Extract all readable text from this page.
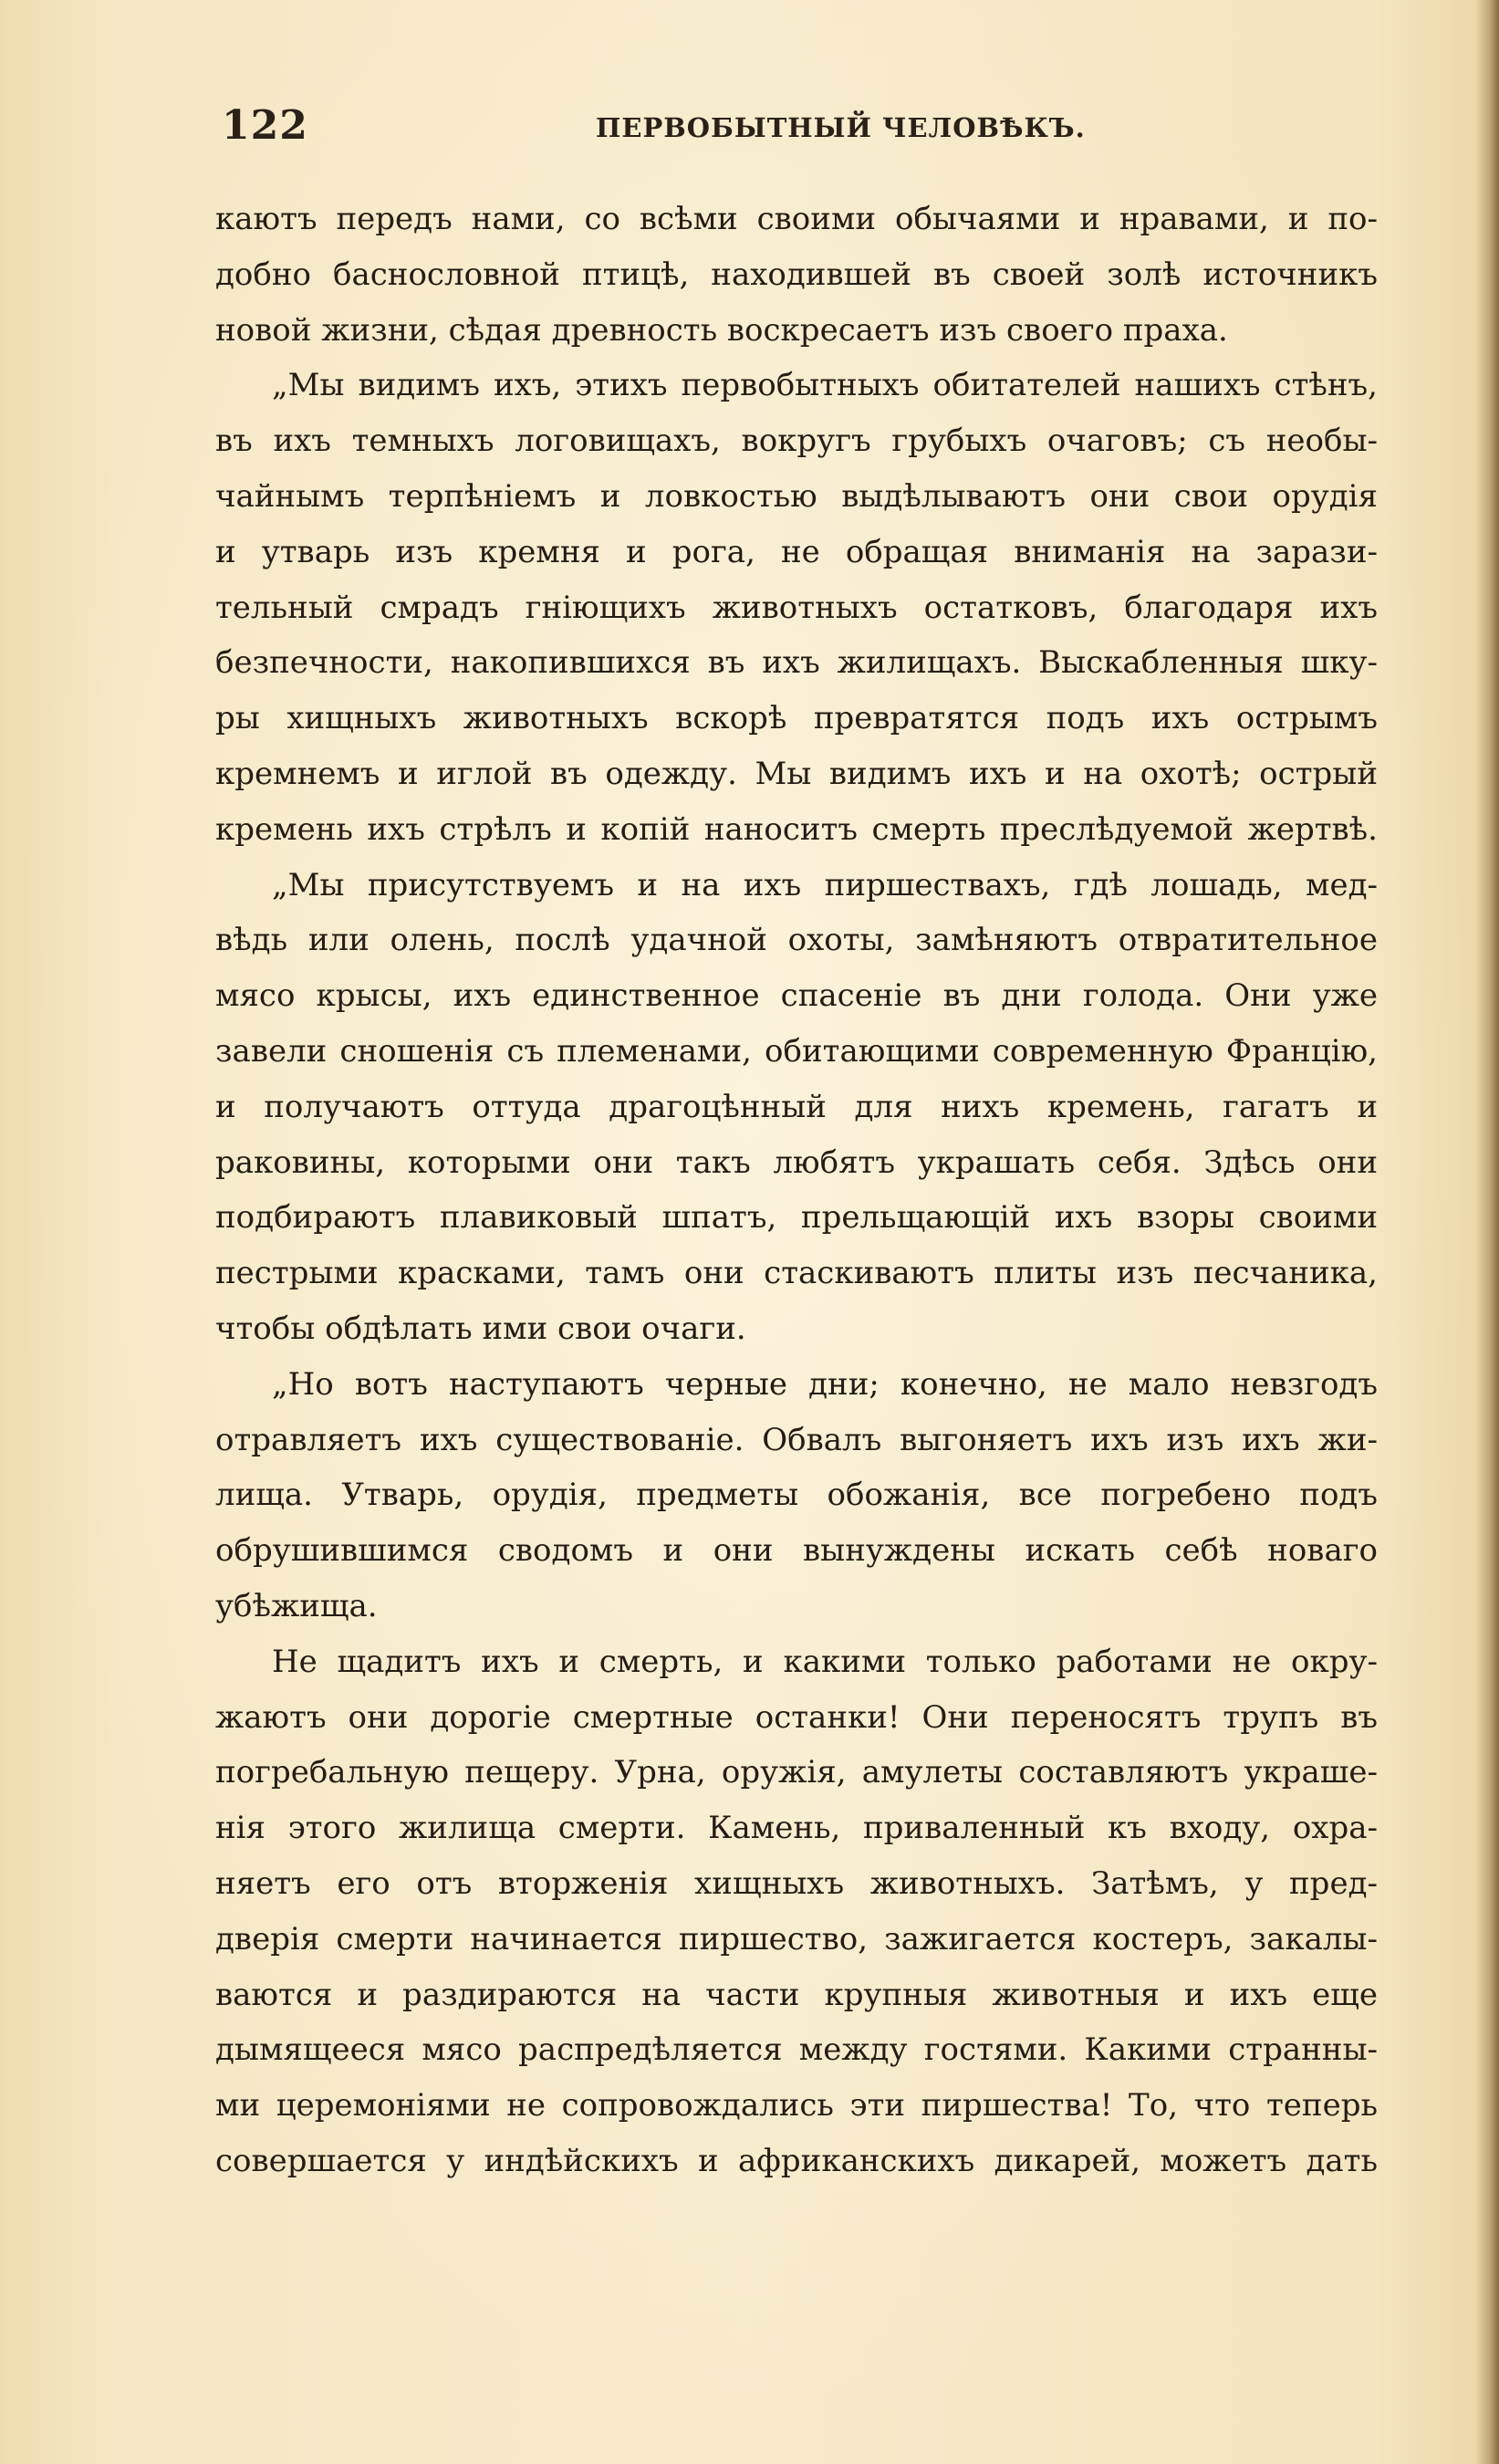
122	ПЕРВОБЫТНЫЙ ЧЕЛОВѢКЪ.
каютъ передъ нами, со всѣми своими обычаями и нравами, и по-
добно баснословной птицѣ, находившей въ своей золѣ источникъ
новой жизни, сѣдая древность воскресаетъ изъ своего праха.
„Мы видимъ ихъ, этихъ первобытныхъ обитателей нашихъ стѣнъ,
въ ихъ темныхъ логовищахъ, вокругъ грубыхъ очаговъ; съ необы-
чайнымъ терпѣніемъ и ловкостью выдѣлываютъ они свои орудія
и утварь изъ кремня и рога, не обращая вниманія на зарази-
тельный смрадъ гніющихъ животныхъ остатковъ, благодаря ихъ
безпечности, накопившихся въ ихъ жилищахъ. Выскабленныя шку-
ры хищныхъ животныхъ вскорѣ превратятся подъ ихъ острымъ
кремнемъ и иглой въ одежду. Мы видимъ ихъ и на охотѣ; острый
кремень ихъ стрѣлъ и копій наноситъ смерть преслѣдуемой жертвѣ.
„Мы присутствуемъ и на ихъ пиршествахъ, гдѣ лошадь, мед-
вѣдь или олень, послѣ удачной охоты, замѣняютъ отвратительное
мясо крысы, ихъ единственное спасеніе въ дни голода. Они уже
завели сношенія съ племенами, обитающими современную Францію,
и получаютъ оттуда драгоцѣнный для нихъ кремень, гагатъ и
раковины, которыми они такъ любятъ украшать себя. Здѣсь они
подбираютъ плавиковый шпатъ, прельщающій ихъ взоры своими
пестрыми красками, тамъ они стаскиваютъ плиты изъ песчаника,
чтобы обдѣлать ими свои очаги.
„Но вотъ наступаютъ черные дни; конечно, не мало невзгодъ
отравляетъ ихъ существованіе. Обвалъ выгоняетъ ихъ изъ ихъ жи-
лища. Утварь, орудія, предметы обожанія, все погребено подъ
обрушившимся сводомъ и они вынуждены искать себѣ новаго
убѣжища.
Не щадитъ ихъ и смерть, и какими только работами не окру-
жаютъ они дорогіе смертные останки! Они переносятъ трупъ въ
погребальную пещеру. Урна, оружія, амулеты составляютъ украше-
нія этого жилища смерти. Камень, приваленный къ входу, охра-
няетъ его отъ вторженія хищныхъ животныхъ. Затѣмъ, у пред-
дверія смерти начинается пиршество, зажигается костеръ, закалы-
ваются и раздираются на части крупныя животныя и ихъ еще
дымящееся мясо распредѣляется между гостями. Какими странны-
ми церемоніями не сопровождались эти пиршества! То, что теперь
совершается у индѣйскихъ и африканскихъ дикарей, можетъ дать
